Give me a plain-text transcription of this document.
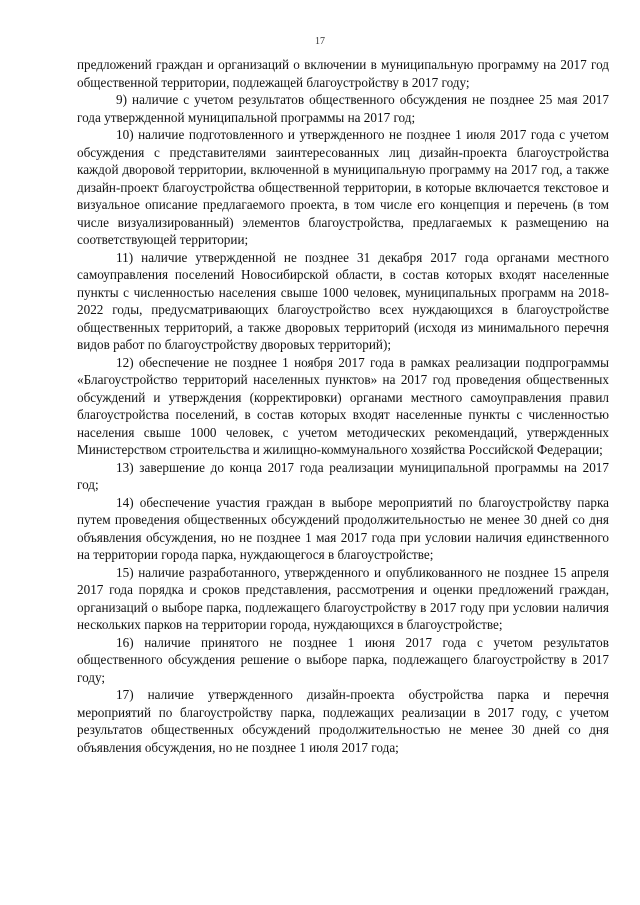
17

предложений граждан и организаций о включении в муниципальную программу на 2017 год общественной территории, подлежащей благоустройству в 2017 году;

9) наличие с учетом результатов общественного обсуждения не позднее 25 мая 2017 года утвержденной муниципальной программы на 2017 год;

10) наличие подготовленного и утвержденного не позднее 1 июля 2017 года с учетом обсуждения с представителями заинтересованных лиц дизайн-проекта благоустройства каждой дворовой территории, включенной в муниципальную программу на 2017 год, а также дизайн-проект благоустройства общественной территории, в которые включается текстовое и визуальное описание предлагаемого проекта, в том числе его концепция и перечень (в том числе визуализированный) элементов благоустройства, предлагаемых к размещению на соответствующей территории;

11) наличие утвержденной не позднее 31 декабря 2017 года органами местного самоуправления поселений Новосибирской области, в состав которых входят населенные пункты с численностью населения свыше 1000 человек, муниципальных программ на 2018-2022 годы, предусматривающих благоустройство всех нуждающихся в благоустройстве общественных территорий, а также дворовых территорий (исходя из минимального перечня видов работ по благоустройству дворовых территорий);

12) обеспечение не позднее 1 ноября 2017 года в рамках реализации подпрограммы «Благоустройство территорий населенных пунктов» на 2017 год проведения общественных обсуждений и утверждения (корректировки) органами местного самоуправления правил благоустройства поселений, в состав которых входят населенные пункты с численностью населения свыше 1000 человек, с учетом методических рекомендаций, утвержденных Министерством строительства и жилищно-коммунального хозяйства Российской Федерации;

13) завершение до конца 2017 года реализации муниципальной программы на 2017 год;

14) обеспечение участия граждан в выборе мероприятий по благоустройству парка путем проведения общественных обсуждений продолжительностью не менее 30 дней со дня объявления обсуждения, но не позднее 1 мая 2017 года при условии наличия единственного на территории города парка, нуждающегося в благоустройстве;

15) наличие разработанного, утвержденного и опубликованного не позднее 15 апреля 2017 года порядка и сроков представления, рассмотрения и оценки предложений граждан, организаций о выборе парка, подлежащего благоустройству в 2017 году при условии наличия нескольких парков на территории города, нуждающихся в благоустройстве;

16) наличие принятого не позднее 1 июня 2017 года с учетом результатов общественного обсуждения решение о выборе парка, подлежащего благоустройству в 2017 году;

17) наличие утвержденного дизайн-проекта обустройства парка и перечня мероприятий по благоустройству парка, подлежащих реализации в 2017 году, с учетом результатов общественных обсуждений продолжительностью не менее 30 дней со дня объявления обсуждения, но не позднее 1 июля 2017 года;
